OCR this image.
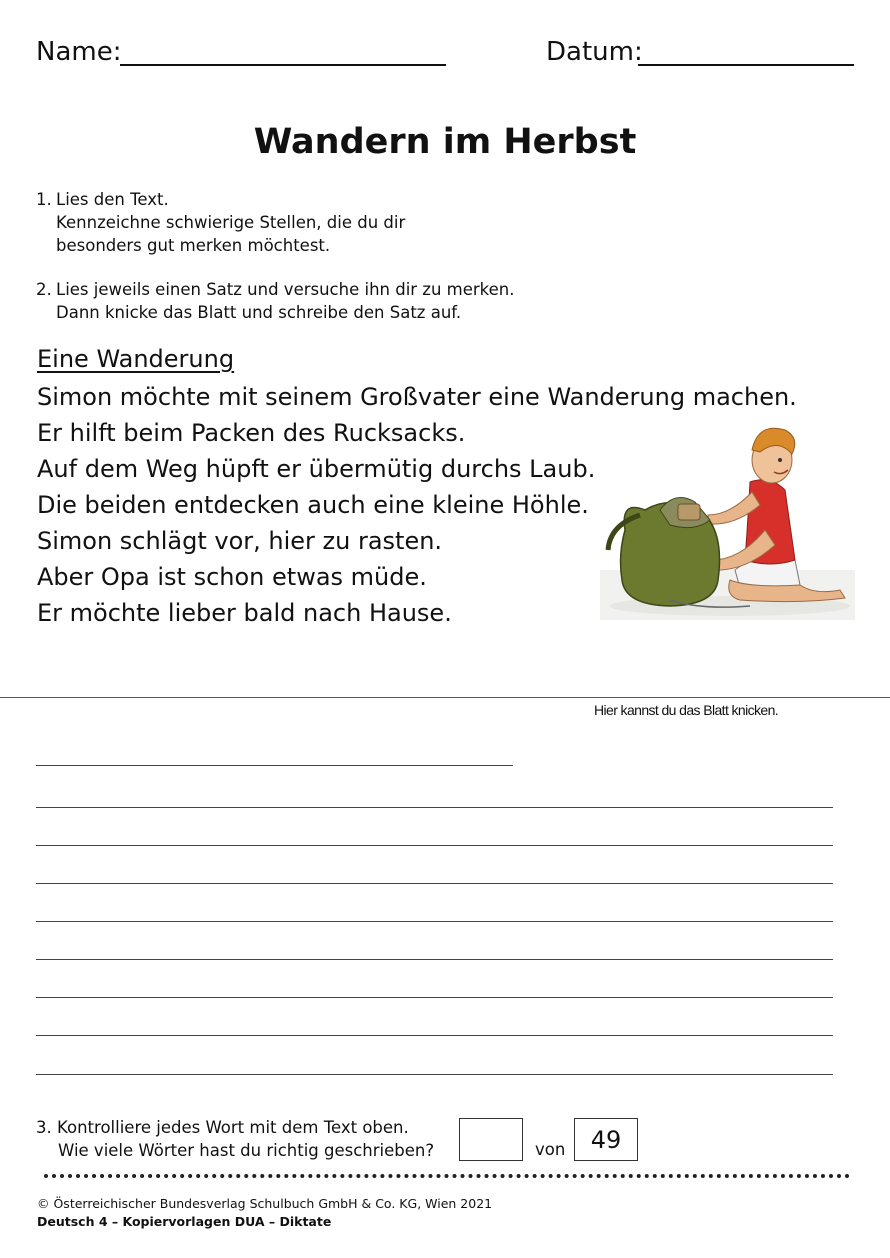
Name:	Datum:
Wandern im Herbst
1. Lies den Text.
Kennzeichne schwierige Stellen, die du dir
besonders gut merken möchtest.
2. Lies jeweils einen Satz und versuche ihn dir zu merken.
Dann knicke das Blatt und schreibe den Satz auf.
Eine Wanderung
Simon möchte mit seinem Großvater eine Wanderung machen.
Er hilft beim Packen des Rucksacks.
Auf dem Weg hüpft er übermütig durchs Laub.
Die beiden entdecken auch eine kleine Höhle.
Simon schlägt vor, hier zu rasten.
Aber Opa ist schon etwas müde.
Er möchte lieber bald nach Hause.
Hier kannst du das Blatt knicken.
3. Kontrolliere jedes Wort mit dem Text oben.
Wie viele Wörter hast du richtig geschrieben?	von	49
© Österreichischer Bundesverlag Schulbuch GmbH & Co. KG, Wien 2021
Deutsch 4 – Kopiervorlagen DUA – Diktate
